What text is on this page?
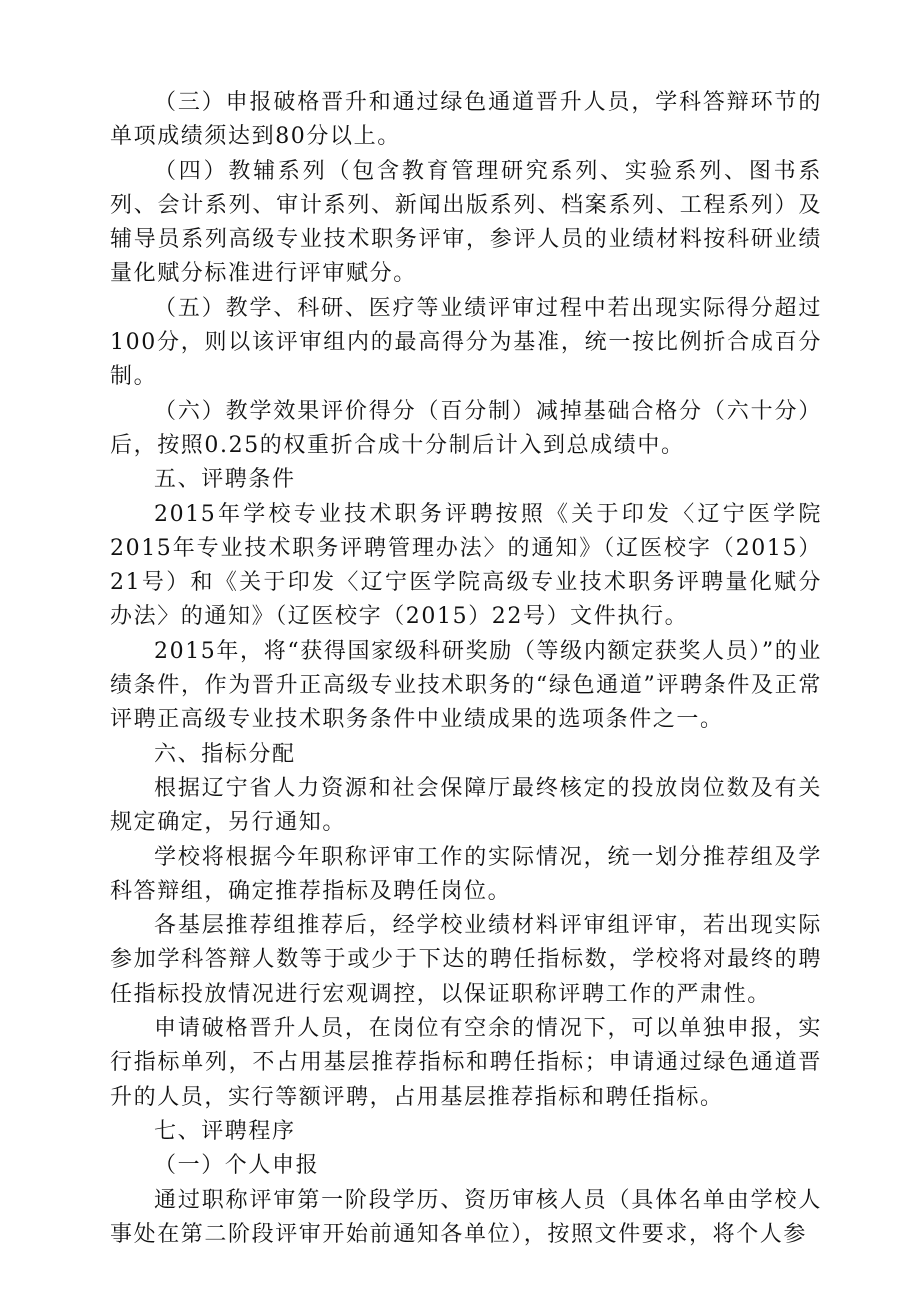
（三）申报破格晋升和通过绿色通道晋升人员，学科答辩环节的单项成绩须达到80分以上。

（四）教辅系列（包含教育管理研究系列、实验系列、图书系列、会计系列、审计系列、新闻出版系列、档案系列、工程系列）及辅导员系列高级专业技术职务评审，参评人员的业绩材料按科研业绩量化赋分标准进行评审赋分。

（五）教学、科研、医疗等业绩评审过程中若出现实际得分超过100分，则以该评审组内的最高得分为基准，统一按比例折合成百分制。

（六）教学效果评价得分（百分制）减掉基础合格分（六十分）后，按照0.25的权重折合成十分制后计入到总成绩中。

五、评聘条件

2015年学校专业技术职务评聘按照《关于印发〈辽宁医学院2015年专业技术职务评聘管理办法〉的通知》（辽医校字（2015）21号）和《关于印发〈辽宁医学院高级专业技术职务评聘量化赋分办法〉的通知》（辽医校字（2015）22号）文件执行。

2015年，将“获得国家级科研奖励（等级内额定获奖人员）”的业绩条件，作为晋升正高级专业技术职务的“绿色通道”评聘条件及正常评聘正高级专业技术职务条件中业绩成果的选项条件之一。

六、指标分配

根据辽宁省人力资源和社会保障厅最终核定的投放岗位数及有关规定确定，另行通知。

学校将根据今年职称评审工作的实际情况，统一划分推荐组及学科答辩组，确定推荐指标及聘任岗位。

各基层推荐组推荐后，经学校业绩材料评审组评审，若出现实际参加学科答辩人数等于或少于下达的聘任指标数，学校将对最终的聘任指标投放情况进行宏观调控，以保证职称评聘工作的严肃性。

申请破格晋升人员，在岗位有空余的情况下，可以单独申报，实行指标单列，不占用基层推荐指标和聘任指标；申请通过绿色通道晋升的人员，实行等额评聘，占用基层推荐指标和聘任指标。

七、评聘程序

（一）个人申报

通过职称评审第一阶段学历、资历审核人员（具体名单由学校人事处在第二阶段评审开始前通知各单位），按照文件要求，将个人参
